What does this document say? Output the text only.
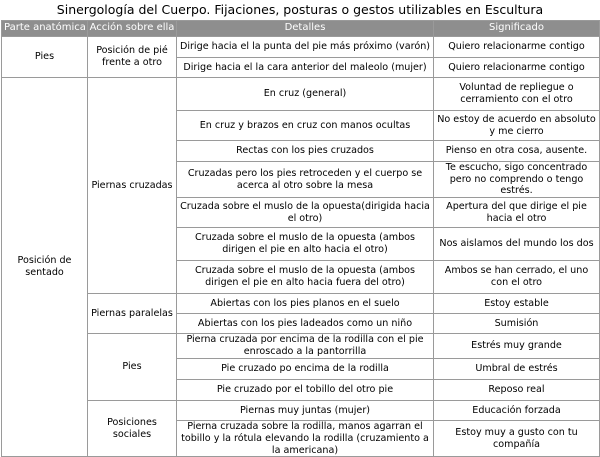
Sinergología del Cuerpo. Fijaciones, posturas o gestos utilizables en Escultura
Parte anatómica	Acción sobre ella	Detalles	Significado
Pies	Posición de pié frente a otro	Dirige hacia el la punta del pie más próximo (varón)	Quiero relacionarme contigo
		Dirige hacia el la cara anterior del maleolo (mujer)	Quiero relacionarme contigo
Posición de sentado	Piernas cruzadas	En cruz (general)	Voluntad de repliegue o cerramiento con el otro
		En cruz y brazos en cruz con manos ocultas	No estoy de acuerdo en absoluto y me cierro
		Rectas con los pies cruzados	Pienso en otra cosa, ausente.
		Cruzadas pero los pies retroceden y el cuerpo se acerca al otro sobre la mesa	Te escucho, sigo concentrado pero no comprendo o tengo estrés.
		Cruzada sobre el muslo de la opuesta(dirigida hacia el otro)	Apertura del que dirige el pie hacia el otro
		Cruzada sobre el muslo de la opuesta (ambos dirigen el pie en alto hacia el otro)	Nos aislamos del mundo los dos
		Cruzada sobre el muslo de la opuesta (ambos dirigen el pie en alto hacia fuera del otro)	Ambos se han cerrado, el uno con el otro
	Piernas paralelas	Abiertas con los pies planos en el suelo	Estoy estable
		Abiertas con los pies ladeados como un niño	Sumisión
	Pies	Pierna cruzada por encima de la rodilla con el pie enroscado a la pantorrilla	Estrés muy grande
		Pie cruzado po encima de la rodilla	Umbral de estrés
		Pie cruzado por el tobillo del otro pie	Reposo real
	Posiciones sociales	Piernas muy juntas (mujer)	Educación forzada
		Pierna cruzada sobre la rodilla, manos agarran el tobillo y la rótula elevando la rodilla (cruzamiento a la americana)	Estoy muy a gusto con tu compañía
